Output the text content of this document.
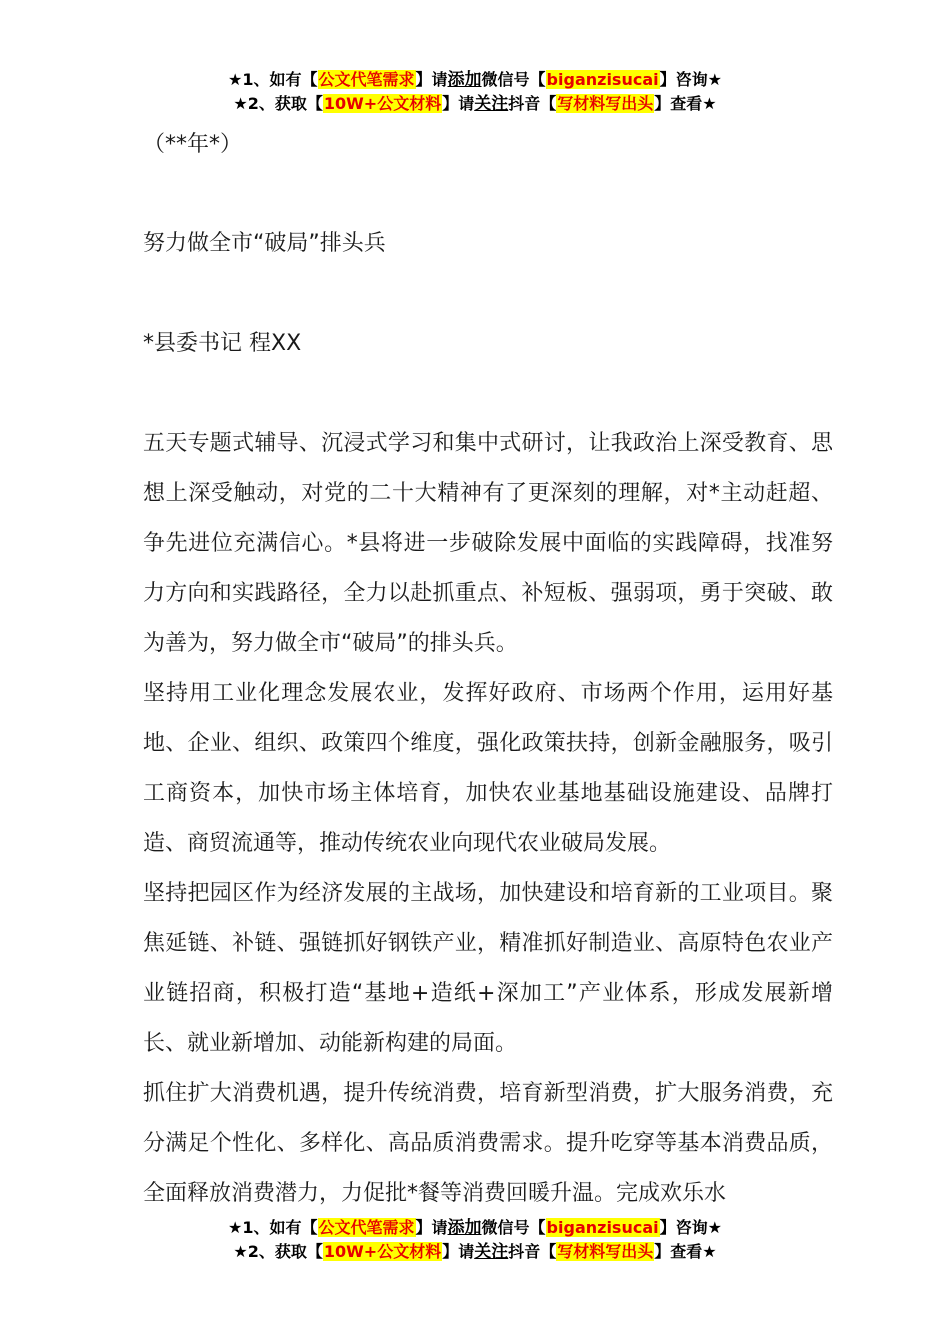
★1、如有【公文代笔需求】请添加微信号【biganzisucai】咨询★
★2、获取【10W+公文材料】请关注抖音【写材料写出头】查看★
（**年*）
努力做全市“破局”排头兵
*县委书记 程XX

五天专题式辅导、沉浸式学习和集中式研讨，让我政治上深受教育、思想上深受触动，对党的二十大精神有了更深刻的理解，对*主动赶超、争先进位充满信心。*县将进一步破除发展中面临的实践障碍，找准努力方向和实践路径，全力以赴抓重点、补短板、强弱项，勇于突破、敢为善为，努力做全市“破局”的排头兵。

坚持用工业化理念发展农业，发挥好政府、市场两个作用，运用好基地、企业、组织、政策四个维度，强化政策扶持，创新金融服务，吸引工商资本，加快市场主体培育，加快农业基地基础设施建设、品牌打造、商贸流通等，推动传统农业向现代农业破局发展。

坚持把园区作为经济发展的主战场，加快建设和培育新的工业项目。聚焦延链、补链、强链抓好钢铁产业，精准抓好制造业、高原特色农业产业链招商，积极打造“基地+造纸+深加工”产业体系，形成发展新增长、就业新增加、动能新构建的局面。

抓住扩大消费机遇，提升传统消费，培育新型消费，扩大服务消费，充分满足个性化、多样化、高品质消费需求。提升吃穿等基本消费品质，全面释放消费潜力，力促批*餐等消费回暖升温。完成欢乐水

★1、如有【公文代笔需求】请添加微信号【biganzisucai】咨询★
★2、获取【10W+公文材料】请关注抖音【写材料写出头】查看★
